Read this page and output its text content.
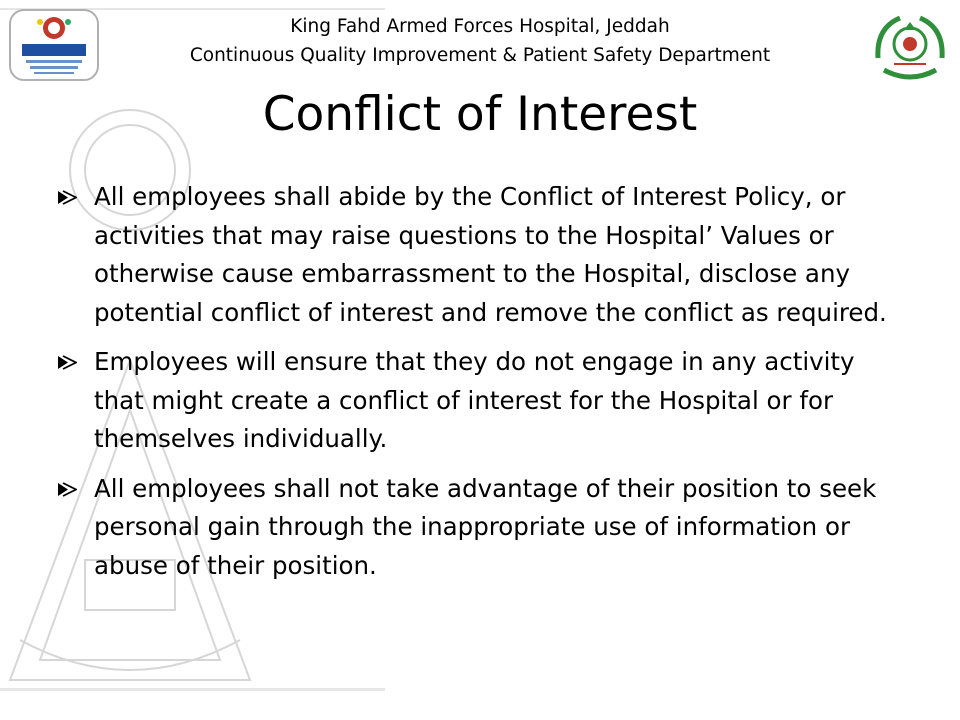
King Fahd Armed Forces Hospital, Jeddah
Continuous Quality Improvement & Patient Safety Department
Conflict of Interest
All employees shall abide by the Conflict of Interest Policy, or activities that may raise questions to the Hospital’ Values or otherwise cause embarrassment to the Hospital, disclose any potential conflict of interest and remove the conflict as required.
Employees will ensure that they do not engage in any activity that might create a conflict of interest for the Hospital or for themselves individually.
All employees shall not take advantage of their position to seek personal gain through the inappropriate use of information or abuse of their position.
